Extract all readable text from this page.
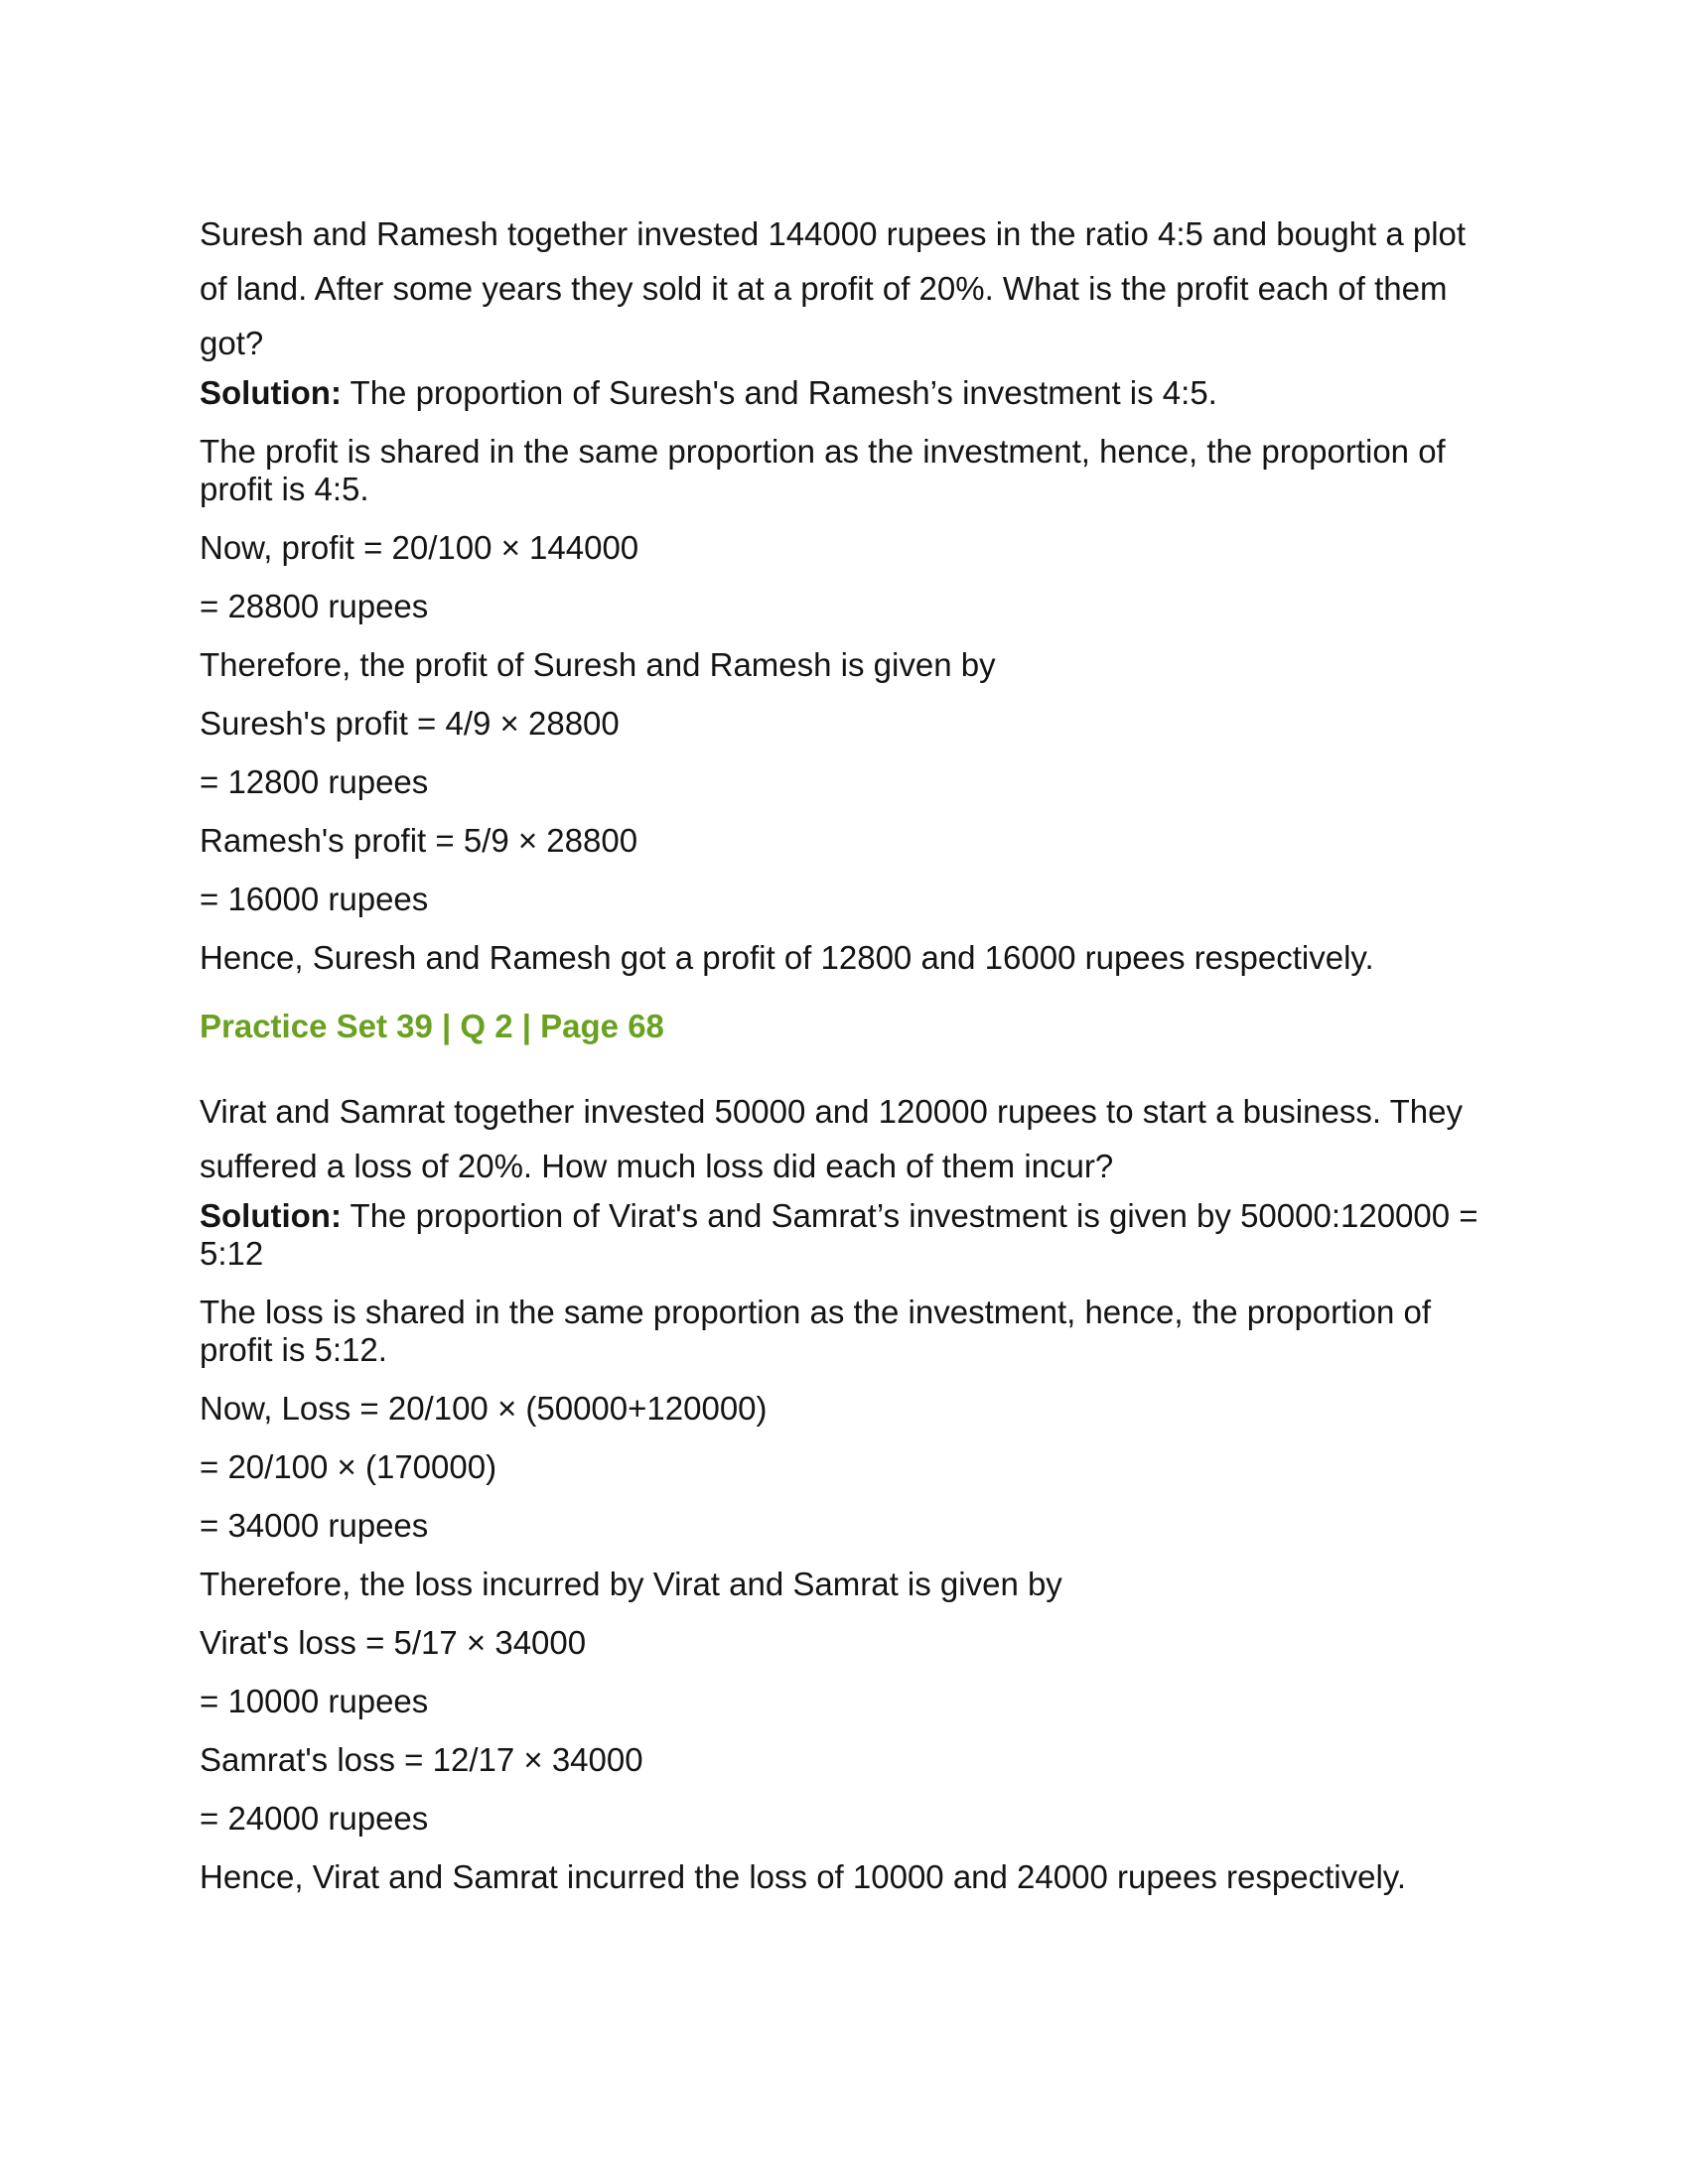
Suresh and Ramesh together invested 144000 rupees in the ratio 4:5 and bought a plot of land. After some years they sold it at a profit of 20%. What is the profit each of them got?

Solution: The proportion of Suresh's and Ramesh’s investment is 4:5.

The profit is shared in the same proportion as the investment, hence, the proportion of profit is 4:5.

Now, profit = 20/100 × 144000

= 28800 rupees

Therefore, the profit of Suresh and Ramesh is given by

Suresh's profit = 4/9 × 28800

= 12800 rupees

Ramesh's profit = 5/9 × 28800

= 16000 rupees

Hence, Suresh and Ramesh got a profit of 12800 and 16000 rupees respectively.

Practice Set 39 | Q 2 | Page 68

Virat and Samrat together invested 50000 and 120000 rupees to start a business. They suffered a loss of 20%. How much loss did each of them incur?

Solution: The proportion of Virat's and Samrat’s investment is given by 50000:120000 = 5:12

The loss is shared in the same proportion as the investment, hence, the proportion of profit is 5:12.

Now, Loss = 20/100 × (50000+120000)

= 20/100 × (170000)

= 34000 rupees

Therefore, the loss incurred by Virat and Samrat is given by

Virat's loss = 5/17 × 34000

= 10000 rupees

Samrat's loss = 12/17 × 34000

= 24000 rupees

Hence, Virat and Samrat incurred the loss of 10000 and 24000 rupees respectively.
